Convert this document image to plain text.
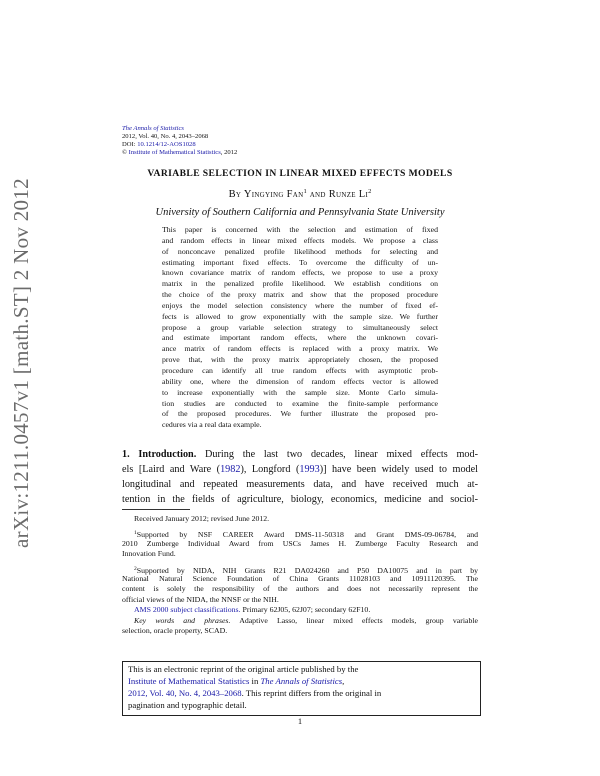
arXiv:1211.0457v1 [math.ST] 2 Nov 2012
The Annals of Statistics
2012, Vol. 40, No. 4, 2043–2068
DOI: 10.1214/12-AOS1028
© Institute of Mathematical Statistics, 2012
VARIABLE SELECTION IN LINEAR MIXED EFFECTS MODELS
By Yingying Fan$^1$ and Runze Li$^2$
University of Southern California and Pennsylvania State University
This paper is concerned with the selection and estimation of fixed
and random effects in linear mixed effects models. We propose a class
of nonconcave penalized profile likelihood methods for selecting and
estimating important fixed effects. To overcome the difficulty of un-
known covariance matrix of random effects, we propose to use a proxy
matrix in the penalized profile likelihood. We establish conditions on
the choice of the proxy matrix and show that the proposed procedure
enjoys the model selection consistency where the number of fixed ef-
fects is allowed to grow exponentially with the sample size. We further
propose a group variable selection strategy to simultaneously select
and estimate important random effects, where the unknown covari-
ance matrix of random effects is replaced with a proxy matrix. We
prove that, with the proxy matrix appropriately chosen, the proposed
procedure can identify all true random effects with asymptotic prob-
ability one, where the dimension of random effects vector is allowed
to increase exponentially with the sample size. Monte Carlo simula-
tion studies are conducted to examine the finite-sample performance
of the proposed procedures. We further illustrate the proposed pro-
cedures via a real data example.
1. Introduction. During the last two decades, linear mixed effects mod-
els [Laird and Ware (1982), Longford (1993)] have been widely used to model
longitudinal and repeated measurements data, and have received much at-
tention in the fields of agriculture, biology, economics, medicine and sociol-
Received January 2012; revised June 2012.
$^1$Supported by NSF CAREER Award DMS-11-50318 and Grant DMS-09-06784, and
2010 Zumberge Individual Award from USCs James H. Zumberge Faculty Research and
Innovation Fund.
$^2$Supported by NIDA, NIH Grants R21 DA024260 and P50 DA10075 and in part by
National Natural Science Foundation of China Grants 11028103 and 10911120395. The
content is solely the responsibility of the authors and does not necessarily represent the
official views of the NIDA, the NNSF or the NIH.
AMS 2000 subject classifications. Primary 62J05, 62J07; secondary 62F10.
Key words and phrases. Adaptive Lasso, linear mixed effects models, group variable
selection, oracle property, SCAD.
This is an electronic reprint of the original article published by the
Institute of Mathematical Statistics in The Annals of Statistics,
2012, Vol. 40, No. 4, 2043–2068. This reprint differs from the original in
pagination and typographic detail.
1
